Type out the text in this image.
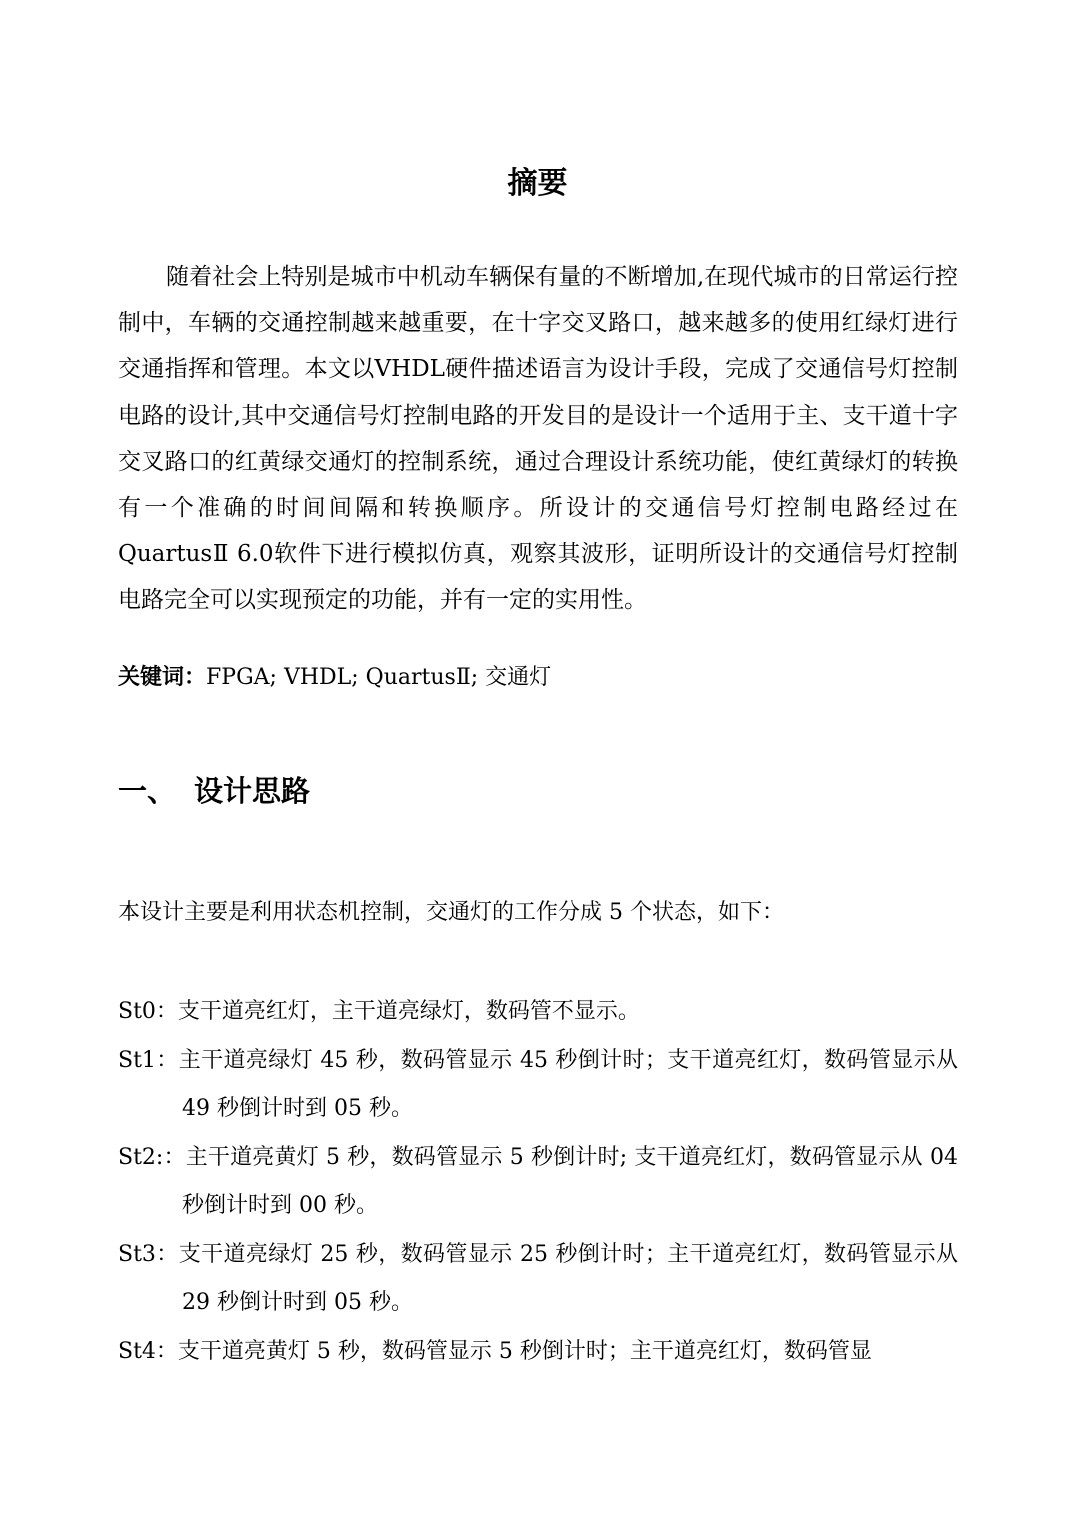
摘要

随着社会上特别是城市中机动车辆保有量的不断增加,在现代城市的日常运行控制中，车辆的交通控制越来越重要，在十字交叉路口，越来越多的使用红绿灯进行交通指挥和管理。本文以VHDL硬件描述语言为设计手段，完成了交通信号灯控制电路的设计,其中交通信号灯控制电路的开发目的是设计一个适用于主、支干道十字交叉路口的红黄绿交通灯的控制系统，通过合理设计系统功能，使红黄绿灯的转换有一个准确的时间间隔和转换顺序。所设计的交通信号灯控制电路经过在QuartusⅡ 6.0软件下进行模拟仿真，观察其波形，证明所设计的交通信号灯控制电路完全可以实现预定的功能，并有一定的实用性。

关键词：FPGA; VHDL; QuartusⅡ; 交通灯

一、 设计思路

本设计主要是利用状态机控制，交通灯的工作分成 5 个状态，如下：

St0：支干道亮红灯，主干道亮绿灯，数码管不显示。
St1：主干道亮绿灯 45 秒，数码管显示 45 秒倒计时；支干道亮红灯，数码管显示从 49 秒倒计时到 05 秒。
St2:：主干道亮黄灯 5 秒，数码管显示 5 秒倒计时; 支干道亮红灯，数码管显示从 04 秒倒计时到 00 秒。
St3：支干道亮绿灯 25 秒，数码管显示 25 秒倒计时；主干道亮红灯，数码管显示从 29 秒倒计时到 05 秒。
St4：支干道亮黄灯 5 秒，数码管显示 5 秒倒计时；主干道亮红灯，数码管显
